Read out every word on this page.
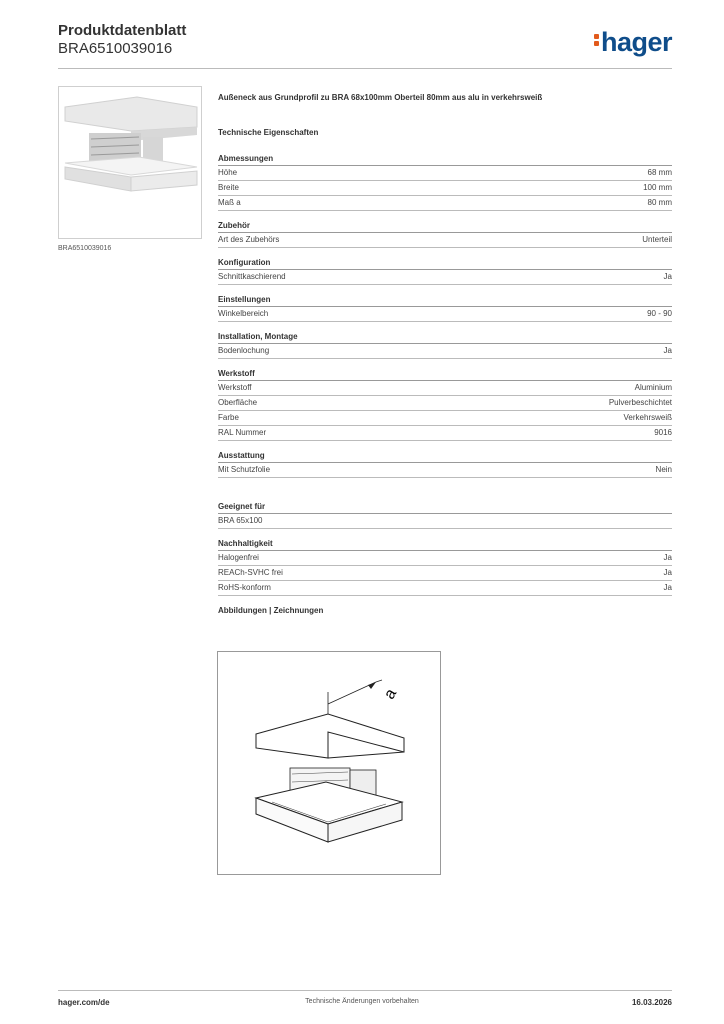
Produktdatenblatt
BRA6510039016	hager
BRA6510039016
Außeneck aus Grundprofil zu BRA 68x100mm Oberteil 80mm aus alu in verkehrsweiß
Technische Eigenschaften
Abmessungen
Höhe	68 mm
Breite	100 mm
Maß a	80 mm
Zubehör
Art des Zubehörs	Unterteil
Konfiguration
Schnittkaschierend	Ja
Einstellungen
Winkelbereich	90 - 90
Installation, Montage
Bodenlochung	Ja
Werkstoff
Werkstoff	Aluminium
Oberfläche	Pulverbeschichtet
Farbe	Verkehrsweiß
RAL Nummer	9016
Ausstattung
Mit Schutzfolie	Nein
Geeignet für
BRA 65x100
Nachhaltigkeit
Halogenfrei	Ja
REACh-SVHC frei	Ja
RoHS-konform	Ja
Abbildungen | Zeichnungen
a
hager.com/de	Technische Änderungen vorbehalten	16.03.2026
